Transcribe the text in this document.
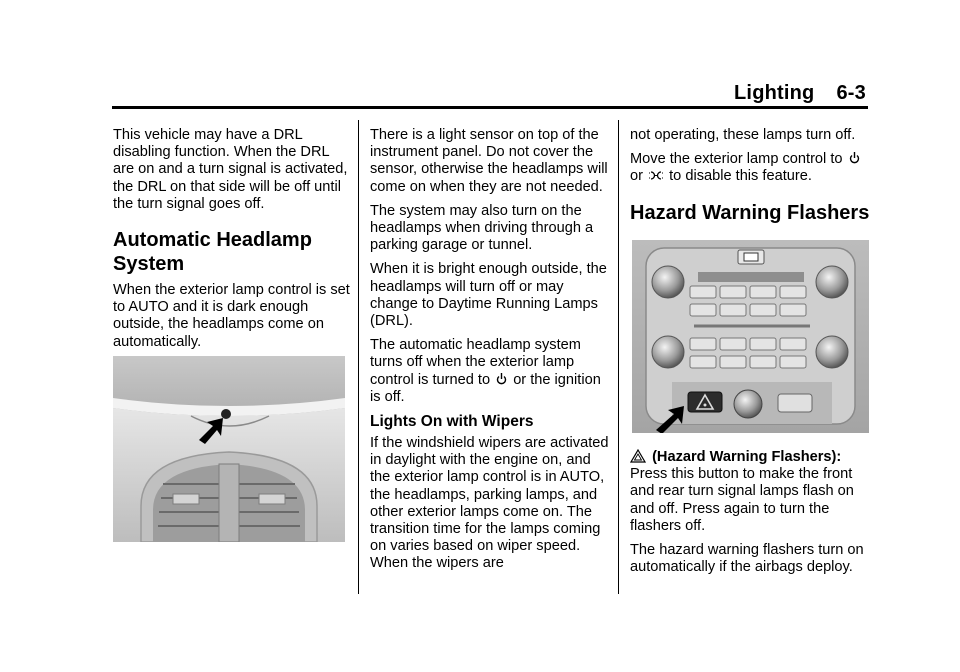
Lighting 6-3

This vehicle may have a DRL disabling function. When the DRL are on and a turn signal is activated, the DRL on that side will be off until the turn signal goes off.

Automatic Headlamp System

When the exterior lamp control is set to AUTO and it is dark enough outside, the headlamps come on automatically.

There is a light sensor on top of the instrument panel. Do not cover the sensor, otherwise the headlamps will come on when they are not needed.

The system may also turn on the headlamps when driving through a parking garage or tunnel.

When it is bright enough outside, the headlamps will turn off or may change to Daytime Running Lamps (DRL).

The automatic headlamp system turns off when the exterior lamp control is turned to or the ignition is off.

Lights On with Wipers

If the windshield wipers are activated in daylight with the engine on, and the exterior lamp control is in AUTO, the headlamps, parking lamps, and other exterior lamps come on. The transition time for the lamps coming on varies based on wiper speed. When the wipers are

not operating, these lamps turn off.

Move the exterior lamp control to
or to disable this feature.

Hazard Warning Flashers

(Hazard Warning Flashers): Press this button to make the front and rear turn signal lamps flash on and off. Press again to turn the flashers off.

The hazard warning flashers turn on automatically if the airbags deploy.
